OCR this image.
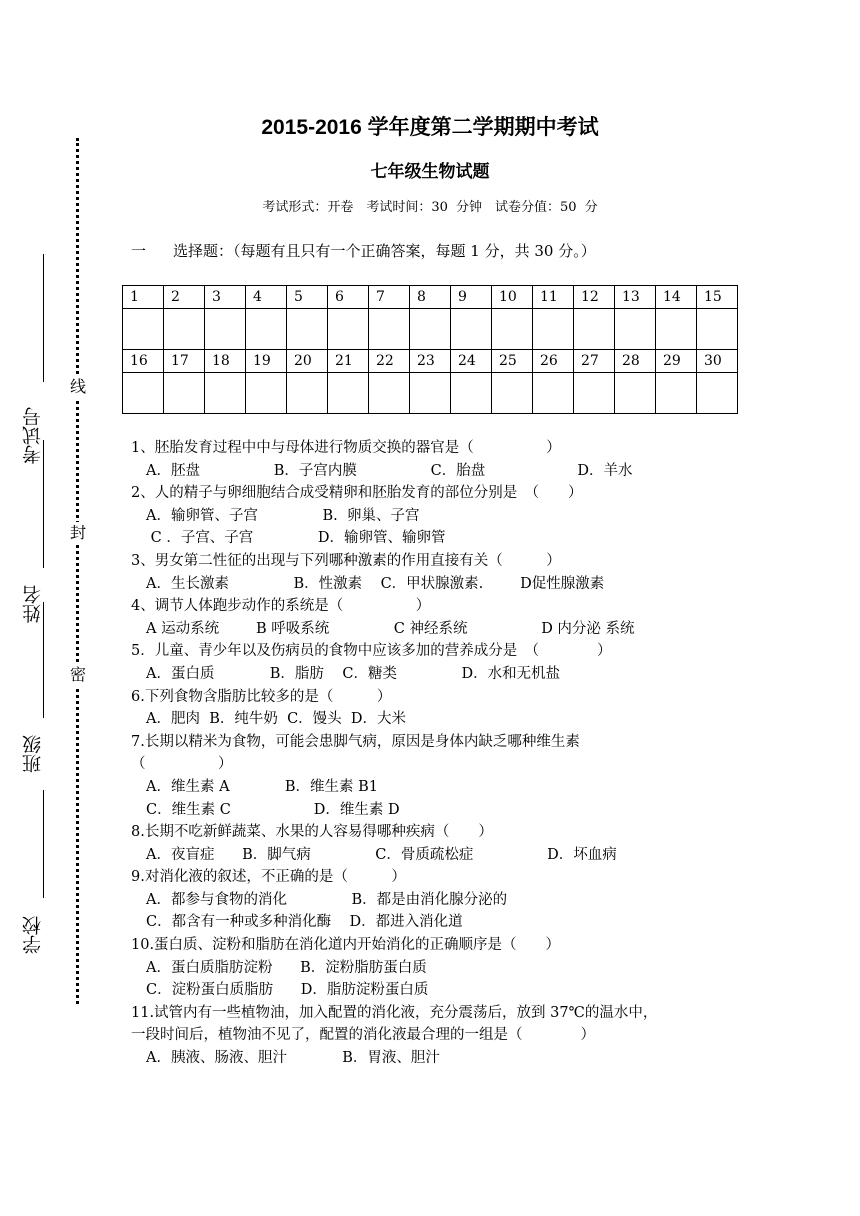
线
封
密
考试号
姓名
班级
学校
2015-2016 学年度第二学期期中考试
七年级生物试题
考试形式：开卷　考试时间：30 分钟　试卷分值：50 分
一 选择题：（每题有且只有一个正确答案，每题 1 分，共 30 分。）
1	2	3	4	5	6	7	8	9	10	11	12	13	14	15

16	17	18	19	20	21	22	23	24	25	26	27	28	29	30

1、胚胎发育过程中中与母体进行物质交换的器官是（　　　　　）
A．胚盘                B．子宫内膜                C．胎盘                    D．羊水
2、人的精子与卵细胞结合成受精卵和胚胎发育的部位分别是　（　　）
A．输卵管、子宫              B.  卵巢、子宫
C ．子宫、子宫              D．输卵管、输卵管
3、男女第二性征的出现与下列哪种激素的作用直接有关（　　　）
A．生长激素              B．性激素    C．甲状腺激素.        D促性腺激素
4、调节人体跑步动作的系统是（　　　　　）
A 运动系统        B 呼吸系统              C 神经系统                D 内分泌 系统
5．儿童、青少年以及伤病员的食物中应该多加的营养成分是　（　　　　）
A．蛋白质            B．脂肪    C．糖类              D．水和无机盐
6.下列食物含脂肪比较多的是（　　　）
A．肥肉  B．纯牛奶  C．馒头  D．大米
7.长期以精米为食物，可能会患脚气病，原因是身体内缺乏哪种维生素
（　　　　　）
A．维生素 A            B．维生素 B1
C．维生素 C                  D．维生素 D
8.长期不吃新鲜蔬菜、水果的人容易得哪种疾病（　　）
A．夜盲症      B．脚气病              C．骨质疏松症                D．坏血病
9.对消化液的叙述，不正确的是（　　　）
A．都参与食物的消化              B．都是由消化腺分泌的
C．都含有一种或多种消化酶    D．都进入消化道
10.蛋白质、淀粉和脂肪在消化道内开始消化的正确顺序是（　　）
A．蛋白质脂肪淀粉      B．淀粉脂肪蛋白质
C．淀粉蛋白质脂肪      D．脂肪淀粉蛋白质
11.试管内有一些植物油，加入配置的消化液，充分震荡后，放到 37℃的温水中，
一段时间后，植物油不见了，配置的消化液最合理的一组是（　　　　）
A．胰液、肠液、胆汁            B．胃液、胆汁
